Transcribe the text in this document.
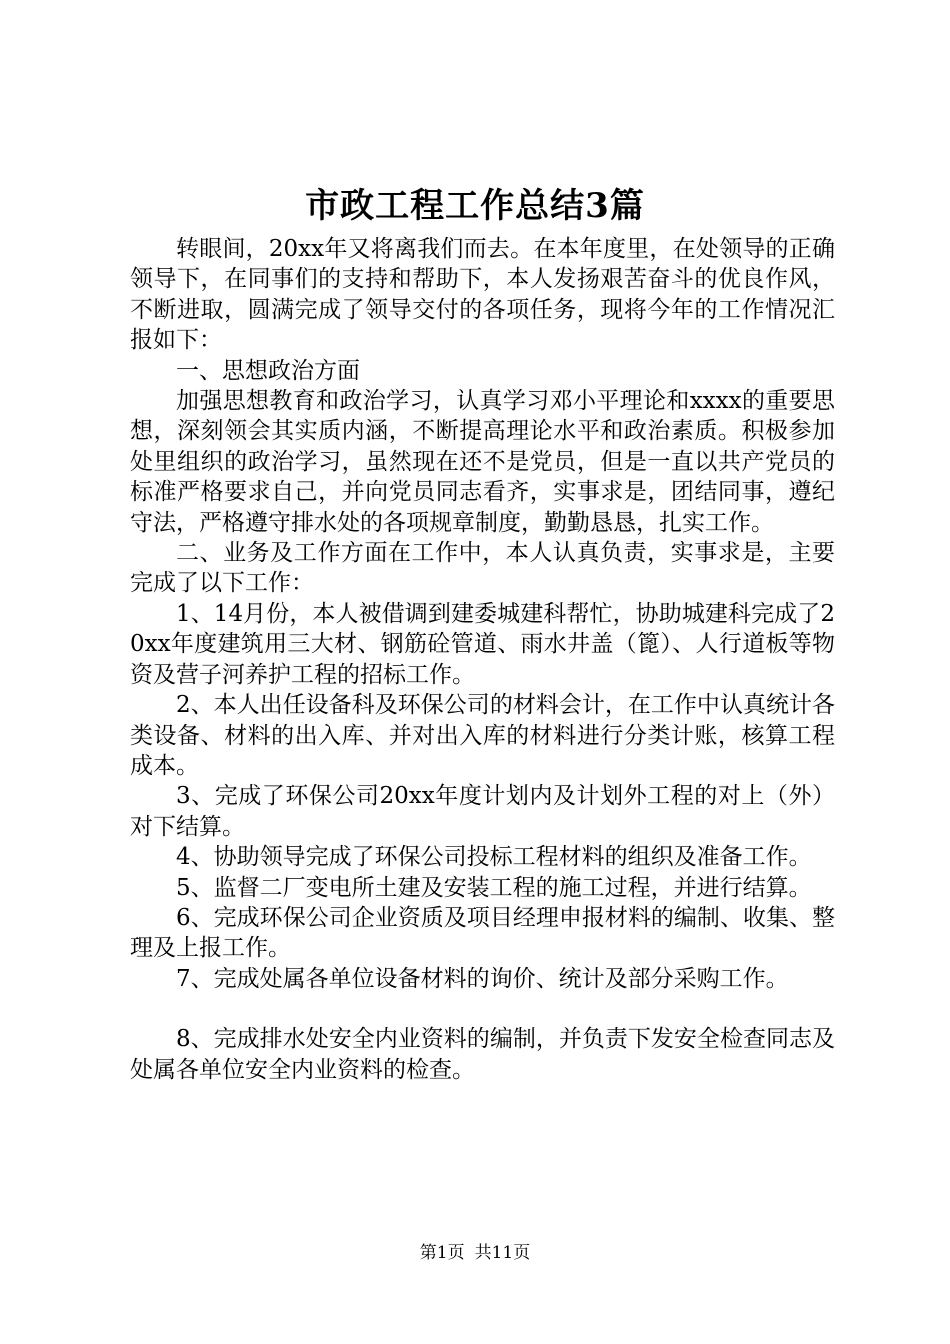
市政工程工作总结3篇

转眼间，20xx年又将离我们而去。在本年度里，在处领导的正确领导下，在同事们的支持和帮助下，本人发扬艰苦奋斗的优良作风，不断进取，圆满完成了领导交付的各项任务，现将今年的工作情况汇报如下：

一、思想政治方面

加强思想教育和政治学习，认真学习邓小平理论和xxxx的重要思想，深刻领会其实质内涵，不断提高理论水平和政治素质。积极参加处里组织的政治学习，虽然现在还不是党员，但是一直以共产党员的标准严格要求自己，并向党员同志看齐，实事求是，团结同事，遵纪守法，严格遵守排水处的各项规章制度，勤勤恳恳，扎实工作。

二、业务及工作方面在工作中，本人认真负责，实事求是，主要完成了以下工作：

1、14月份，本人被借调到建委城建科帮忙，协助城建科完成了20xx年度建筑用三大材、钢筋砼管道、雨水井盖（篦）、人行道板等物资及营子河养护工程的招标工作。

2、本人出任设备科及环保公司的材料会计，在工作中认真统计各类设备、材料的出入库、并对出入库的材料进行分类计账，核算工程成本。

3、完成了环保公司20xx年度计划内及计划外工程的对上（外）对下结算。

4、协助领导完成了环保公司投标工程材料的组织及准备工作。

5、监督二厂变电所土建及安装工程的施工过程，并进行结算。

6、完成环保公司企业资质及项目经理申报材料的编制、收集、整理及上报工作。

7、完成处属各单位设备材料的询价、统计及部分采购工作。

8、完成排水处安全内业资料的编制，并负责下发安全检查同志及处属各单位安全内业资料的检查。

第1页 共11页
